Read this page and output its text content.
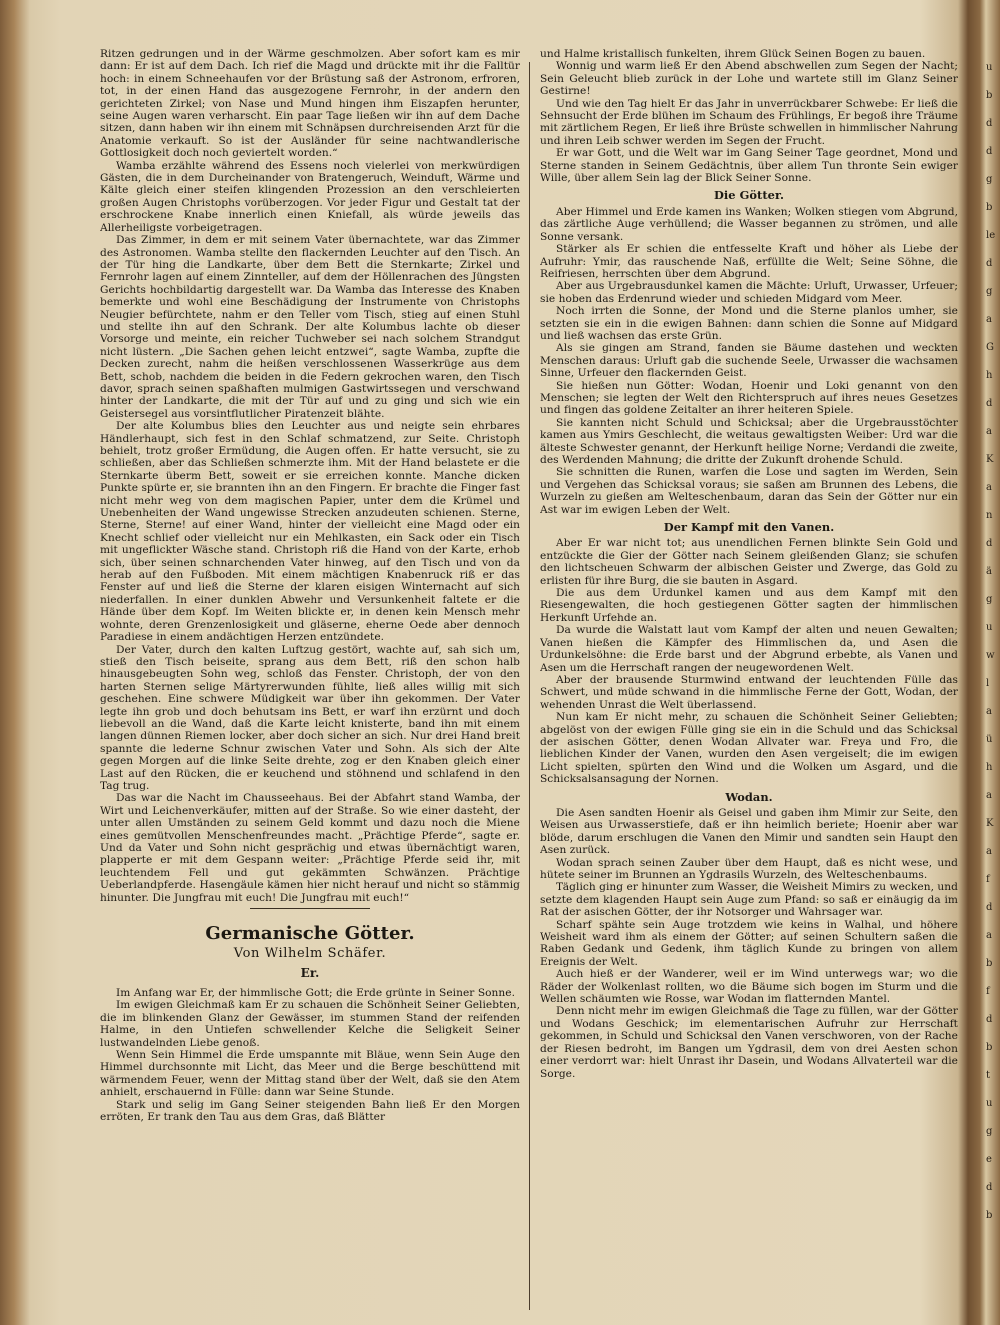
Ritzen gedrungen und in der Wärme geschmolzen. Aber sofort kam es mir dann: Er ist auf dem Dach. Ich rief die Magd und drückte mit ihr die Falltür hoch: in einem Schneehaufen vor der Brüstung saß der Astronom, erfroren, tot, in der einen Hand das ausgezogene Fernrohr, in der andern den gerichteten Zirkel; von Nase und Mund hingen ihm Eiszapfen herunter, seine Augen waren verharscht. Ein paar Tage ließen wir ihn auf dem Dache sitzen, dann haben wir ihn einem mit Schnäpsen durchreisenden Arzt für die Anatomie verkauft. So ist der Ausländer für seine nachtwandlerische Gottlosigkeit doch noch geviertelt worden.“

Wamba erzählte während des Essens noch vielerlei von merkwürdigen Gästen, die in dem Durcheinander von Bratengeruch, Weinduft, Wärme und Kälte gleich einer steifen klingenden Prozession an den verschleierten großen Augen Christophs vorüberzogen. Vor jeder Figur und Gestalt tat der erschrockene Knabe innerlich einen Kniefall, als würde jeweils das Allerheiligste vorbeigetragen.

Das Zimmer, in dem er mit seinem Vater übernachtete, war das Zimmer des Astronomen. Wamba stellte den flackernden Leuchter auf den Tisch. An der Tür hing die Landkarte, über dem Bett die Sternkarte; Zirkel und Fernrohr lagen auf einem Zinnteller, auf dem der Höllenrachen des Jüngsten Gerichts hochbildartig dargestellt war. Da Wamba das Interesse des Knaben bemerkte und wohl eine Beschädigung der Instrumente von Christophs Neugier befürchtete, nahm er den Teller vom Tisch, stieg auf einen Stuhl und stellte ihn auf den Schrank. Der alte Kolumbus lachte ob dieser Vorsorge und meinte, ein reicher Tuchweber sei nach solchem Strandgut nicht lüstern. „Die Sachen gehen leicht entzwei“, sagte Wamba, zupfte die Decken zurecht, nahm die heißen verschlossenen Wasserkrüge aus dem Bett, schob, nachdem die beiden in die Federn gekrochen waren, den Tisch davor, sprach seinen spaßhaften mulmigen Gastwirtssegen und verschwand hinter der Landkarte, die mit der Tür auf und zu ging und sich wie ein Geistersegel aus vorsintflutlicher Piratenzeit blähte.

Der alte Kolumbus blies den Leuchter aus und neigte sein ehrbares Händlerhaupt, sich fest in den Schlaf schmatzend, zur Seite. Christoph behielt, trotz großer Ermüdung, die Augen offen. Er hatte versucht, sie zu schließen, aber das Schließen schmerzte ihm. Mit der Hand belastete er die Sternkarte überm Bett, soweit er sie erreichen konnte. Manche dicken Punkte spürte er, sie brannten ihn an den Fingern. Er brachte die Finger fast nicht mehr weg von dem magischen Papier, unter dem die Krümel und Unebenheiten der Wand ungewisse Strecken anzudeuten schienen. Sterne, Sterne, Sterne! auf einer Wand, hinter der vielleicht eine Magd oder ein Knecht schlief oder vielleicht nur ein Mehlkasten, ein Sack oder ein Tisch mit ungeflickter Wäsche stand. Christoph riß die Hand von der Karte, erhob sich, über seinen schnarchenden Vater hinweg, auf den Tisch und von da herab auf den Fußboden. Mit einem mächtigen Knabenruck riß er das Fenster auf und ließ die Sterne der klaren eisigen Winternacht auf sich niederfallen. In einer dunklen Abwehr und Versunkenheit faltete er die Hände über dem Kopf. Im Weiten blickte er, in denen kein Mensch mehr wohnte, deren Grenzenlosigkeit und gläserne, eherne Oede aber dennoch Paradiese in einem andächtigen Herzen entzündete.

Der Vater, durch den kalten Luftzug gestört, wachte auf, sah sich um, stieß den Tisch beiseite, sprang aus dem Bett, riß den schon halb hinausgebeugten Sohn weg, schloß das Fenster. Christoph, der von den harten Sternen selige Märtyrerwunden fühlte, ließ alles willig mit sich geschehen. Eine schwere Müdigkeit war über ihn gekommen. Der Vater legte ihn grob und doch behutsam ins Bett, er warf ihn erzürnt und doch liebevoll an die Wand, daß die Karte leicht knisterte, band ihn mit einem langen dünnen Riemen locker, aber doch sicher an sich. Nur drei Hand breit spannte die lederne Schnur zwischen Vater und Sohn. Als sich der Alte gegen Morgen auf die linke Seite drehte, zog er den Knaben gleich einer Last auf den Rücken, die er keuchend und stöhnend und schlafend in den Tag trug.

Das war die Nacht im Chausseehaus. Bei der Abfahrt stand Wamba, der Wirt und Leichenverkäufer, mitten auf der Straße. So wie einer dasteht, der unter allen Umständen zu seinem Geld kommt und dazu noch die Miene eines gemütvollen Menschenfreundes macht. „Prächtige Pferde“, sagte er. Und da Vater und Sohn nicht gesprächig und etwas übernächtigt waren, plapperte er mit dem Gespann weiter: „Prächtige Pferde seid ihr, mit leuchtendem Fell und gut gekämmten Schwänzen. Prächtige Ueberlandpferde. Hasengäule kämen hier nicht herauf und nicht so stämmig hinunter. Die Jungfrau mit euch! Die Jungfrau mit euch!“

Germanische Götter.
Von Wilhelm Schäfer.
Er.

Im Anfang war Er, der himmlische Gott; die Erde grünte in Seiner Sonne.

Im ewigen Gleichmaß kam Er zu schauen die Schönheit Seiner Geliebten, die im blinkenden Glanz der Gewässer, im stummen Stand der reifenden Halme, in den Untiefen schwellender Kelche die Seligkeit Seiner lustwandelnden Liebe genoß.

Wenn Sein Himmel die Erde umspannte mit Bläue, wenn Sein Auge den Himmel durchsonnte mit Licht, das Meer und die Berge beschüttend mit wärmendem Feuer, wenn der Mittag stand über der Welt, daß sie den Atem anhielt, erschauernd in Fülle: dann war Seine Stunde.

Stark und selig im Gang Seiner steigenden Bahn ließ Er den Morgen erröten, Er trank den Tau aus dem Gras, daß Blätter

und Halme kristallisch funkelten, ihrem Glück Seinen Bogen zu bauen.

Wonnig und warm ließ Er den Abend abschwellen zum Segen der Nacht; Sein Geleucht blieb zurück in der Lohe und wartete still im Glanz Seiner Gestirne!

Und wie den Tag hielt Er das Jahr in unverrückbarer Schwebe: Er ließ die Sehnsucht der Erde blühen im Schaum des Frühlings, Er begoß ihre Träume mit zärtlichem Regen, Er ließ ihre Brüste schwellen in himmlischer Nahrung und ihren Leib schwer werden im Segen der Frucht.

Er war Gott, und die Welt war im Gang Seiner Tage geordnet, Mond und Sterne standen in Seinem Gedächtnis, über allem Tun thronte Sein ewiger Wille, über allem Sein lag der Blick Seiner Sonne.

Die Götter.

Aber Himmel und Erde kamen ins Wanken; Wolken stiegen vom Abgrund, das zärtliche Auge verhüllend; die Wasser begannen zu strömen, und alle Sonne versank.

Stärker als Er schien die entfesselte Kraft und höher als Liebe der Aufruhr: Ymir, das rauschende Naß, erfüllte die Welt; Seine Söhne, die Reifriesen, herrschten über dem Abgrund.

Aber aus Urgebrausdunkel kamen die Mächte: Urluft, Urwasser, Urfeuer; sie hoben das Erdenrund wieder und schieden Midgard vom Meer.

Noch irrten die Sonne, der Mond und die Sterne planlos umher, sie setzten sie ein in die ewigen Bahnen: dann schien die Sonne auf Midgard und ließ wachsen das erste Grün.

Als sie gingen am Strand, fanden sie Bäume dastehen und weckten Menschen daraus: Urluft gab die suchende Seele, Urwasser die wachsamen Sinne, Urfeuer den flackernden Geist.

Sie hießen nun Götter: Wodan, Hoenir und Loki genannt von den Menschen; sie legten der Welt den Richterspruch auf ihres neues Gesetzes und fingen das goldene Zeitalter an ihrer heiteren Spiele.

Sie kannten nicht Schuld und Schicksal; aber die Urgebrausstöchter kamen aus Ymirs Geschlecht, die weitaus gewaltigsten Weiber: Urd war die älteste Schwester genannt, der Herkunft heilige Norne; Verdandi die zweite, des Werdenden Mahnung; die dritte der Zukunft drohende Schuld.

Sie schnitten die Runen, warfen die Lose und sagten im Werden, Sein und Vergehen das Schicksal voraus; sie saßen am Brunnen des Lebens, die Wurzeln zu gießen am Welteschenbaum, daran das Sein der Götter nur ein Ast war im ewigen Leben der Welt.

Der Kampf mit den Vanen.

Aber Er war nicht tot; aus unendlichen Fernen blinkte Sein Gold und entzückte die Gier der Götter nach Seinem gleißenden Glanz; sie schufen den lichtscheuen Schwarm der albischen Geister und Zwerge, das Gold zu erlisten für ihre Burg, die sie bauten in Asgard.

Die aus dem Urdunkel kamen und aus dem Kampf mit den Riesengewalten, die hoch gestiegenen Götter sagten der himmlischen Herkunft Urfehde an.

Da wurde die Walstatt laut vom Kampf der alten und neuen Gewalten; Vanen hießen die Kämpfer des Himmlischen da, und Asen die Urdunkelsöhne: die Erde barst und der Abgrund erbebte, als Vanen und Asen um die Herrschaft rangen der neugewordenen Welt.

Aber der brausende Sturmwind entwand der leuchtenden Fülle das Schwert, und müde schwand in die himmlische Ferne der Gott, Wodan, der wehenden Unrast die Welt überlassend.

Nun kam Er nicht mehr, zu schauen die Schönheit Seiner Geliebten; abgelöst von der ewigen Fülle ging sie ein in die Schuld und das Schicksal der asischen Götter, denen Wodan Allvater war. Freya und Fro, die lieblichen Kinder der Vanen, wurden den Asen vergeiselt; die im ewigen Licht spielten, spürten den Wind und die Wolken um Asgard, und die Schicksalsansagung der Nornen.

Wodan.

Die Asen sandten Hoenir als Geisel und gaben ihm Mimir zur Seite, den Weisen aus Urwasserstiefe, daß er ihn heimlich beriete; Hoenir aber war blöde, darum erschlugen die Vanen den Mimir und sandten sein Haupt den Asen zurück.

Wodan sprach seinen Zauber über dem Haupt, daß es nicht wese, und hütete seiner im Brunnen an Ygdrasils Wurzeln, des Welteschenbaums.

Täglich ging er hinunter zum Wasser, die Weisheit Mimirs zu wecken, und setzte dem klagenden Haupt sein Auge zum Pfand: so saß er einäugig da im Rat der asischen Götter, der ihr Notsorger und Wahrsager war.

Scharf spähte sein Auge trotzdem wie keins in Walhal, und höhere Weisheit ward ihm als einem der Götter; auf seinen Schultern saßen die Raben Gedank und Gedenk, ihm täglich Kunde zu bringen von allem Ereignis der Welt.

Auch hieß er der Wanderer, weil er im Wind unterwegs war; wo die Räder der Wolkenlast rollten, wo die Bäume sich bogen im Sturm und die Wellen schäumten wie Rosse, war Wodan im flatternden Mantel.

Denn nicht mehr im ewigen Gleichmaß die Tage zu füllen, war der Götter und Wodans Geschick; im elementarischen Aufruhr zur Herrschaft gekommen, in Schuld und Schicksal den Vanen verschworen, von der Rache der Riesen bedroht, im Bangen um Ygdrasil, dem von drei Aesten schon einer verdorrt war: hielt Unrast ihr Dasein, und Wodans Allvaterteil war die Sorge.

u
b
d
d
g
b
le
d
g
a
G
h
d
a
K
a
n
d
ä
g
u
w
l
a
ü
h
a
K
a
f
d
a
b
f
d
b
t
u
g
e
d
b
